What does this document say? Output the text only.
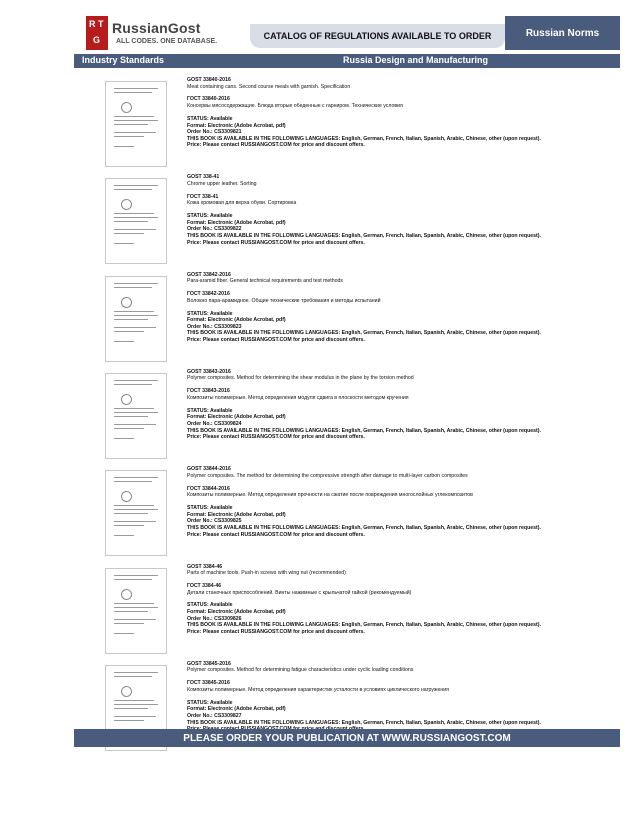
R T
G
RussianGost
ALL CODES. ONE DATABASE.
CATALOG OF REGULATIONS AVAILABLE TO ORDER	Russian Norms
Industry Standards	Russia Design and Manufacturing
GOST 33840-2016
Meat containing cans. Second course meals with garnish. Specification
ГОСТ 33840-2016
Консервы мясосодержащие. Блюда вторые обеденные с гарниром. Технические условия
STATUS: Available
Format: Electronic (Adobe Acrobat, pdf)
Order No.: CS3309821
THIS BOOK IS AVAILABLE IN THE FOLLOWING LANGUAGES: English, German, French, Italian, Spanish, Arabic, Chinese, other (upon request).
Price: Please contact RUSSIANGOST.COM for price and discount offers.
GOST 338-41
Chrome upper leather. Sorting
ГОСТ 338-41
Кожа хромовая для верха обуви. Сортировка
STATUS: Available
Format: Electronic (Adobe Acrobat, pdf)
Order No.: CS3309822
THIS BOOK IS AVAILABLE IN THE FOLLOWING LANGUAGES: English, German, French, Italian, Spanish, Arabic, Chinese, other (upon request).
Price: Please contact RUSSIANGOST.COM for price and discount offers.
GOST 33842-2016
Para-aramid fiber. General technical requirements and test methods
ГОСТ 33842-2016
Волокно пара-арамидное. Общие технические требования и методы испытаний
STATUS: Available
Format: Electronic (Adobe Acrobat, pdf)
Order No.: CS3309823
THIS BOOK IS AVAILABLE IN THE FOLLOWING LANGUAGES: English, German, French, Italian, Spanish, Arabic, Chinese, other (upon request).
Price: Please contact RUSSIANGOST.COM for price and discount offers.
GOST 33843-2016
Polymer composites. Method for determining the shear modulus in the plane by the torsion method
ГОСТ 33843-2016
Композиты полимерные. Метод определения модуля сдвига в плоскости методом кручения
STATUS: Available
Format: Electronic (Adobe Acrobat, pdf)
Order No.: CS3309824
THIS BOOK IS AVAILABLE IN THE FOLLOWING LANGUAGES: English, German, French, Italian, Spanish, Arabic, Chinese, other (upon request).
Price: Please contact RUSSIANGOST.COM for price and discount offers.
GOST 33844-2016
Polymer composites. The method for determining the compressive strength after damage to multi-layer carbon composites
ГОСТ 33844-2016
Композиты полимерные. Метод определения прочности на сжатие после повреждения многослойных углекомпозитов
STATUS: Available
Format: Electronic (Adobe Acrobat, pdf)
Order No.: CS3309825
THIS BOOK IS AVAILABLE IN THE FOLLOWING LANGUAGES: English, German, French, Italian, Spanish, Arabic, Chinese, other (upon request).
Price: Please contact RUSSIANGOST.COM for price and discount offers.
GOST 3384-46
Parts of machine tools. Push-in screws with wing nut (recommended)
ГОСТ 3384-46
Детали станочных приспособлений. Винты нажимные с крыльчатой гайкой (рекомендуемый)
STATUS: Available
Format: Electronic (Adobe Acrobat, pdf)
Order No.: CS3309826
THIS BOOK IS AVAILABLE IN THE FOLLOWING LANGUAGES: English, German, French, Italian, Spanish, Arabic, Chinese, other (upon request).
Price: Please contact RUSSIANGOST.COM for price and discount offers.
GOST 33845-2016
Polymer composites. Method for determining fatigue characteristics under cyclic loading conditions
ГОСТ 33845-2016
Композиты полимерные. Метод определения характеристик усталости в условиях циклического нагружения
STATUS: Available
Format: Electronic (Adobe Acrobat, pdf)
Order No.: CS3309827
THIS BOOK IS AVAILABLE IN THE FOLLOWING LANGUAGES: English, German, French, Italian, Spanish, Arabic, Chinese, other (upon request).
PLEASE ORDER YOUR PUBLICATION AT WWW.RUSSIANGOST.COM
